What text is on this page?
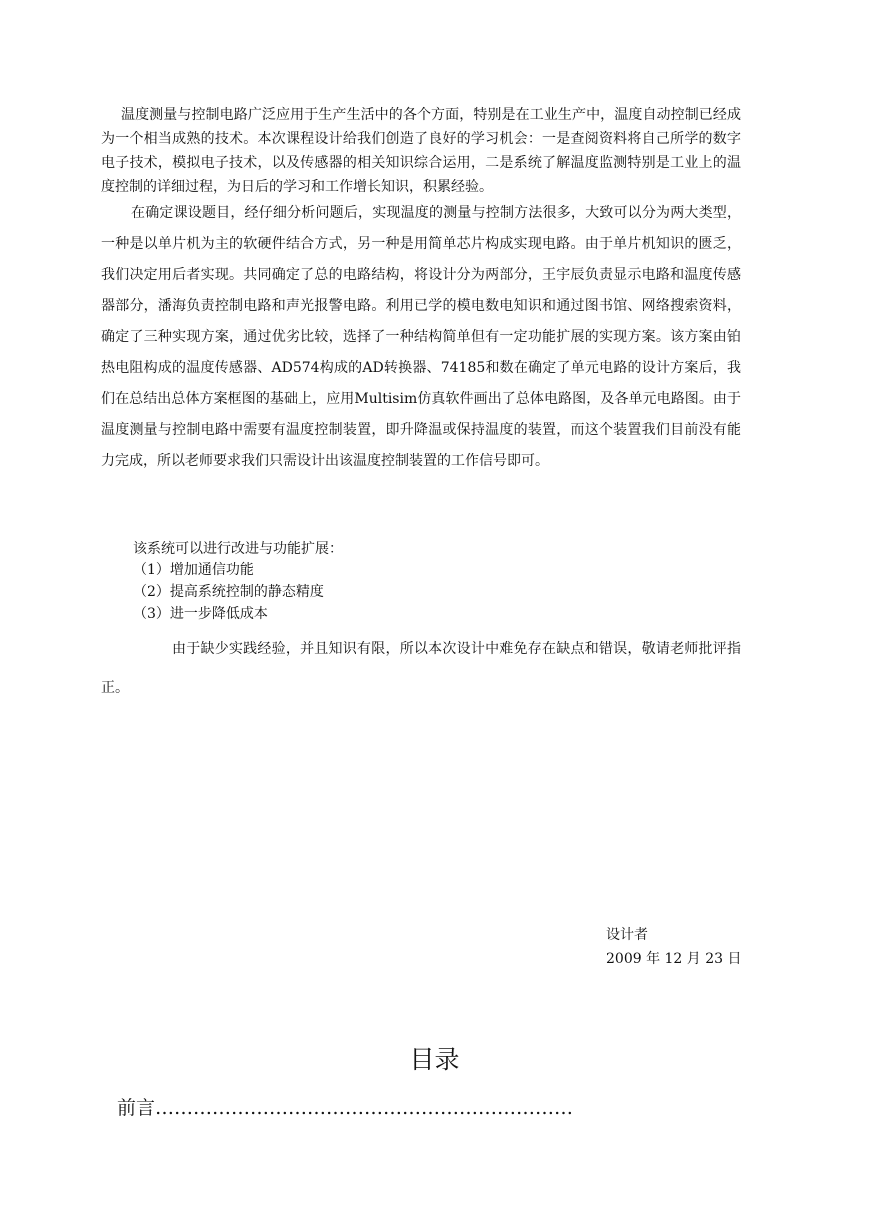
温度测量与控制电路广泛应用于生产生活中的各个方面，特别是在工业生产中，温度自动控制已经成为一个相当成熟的技术。本次课程设计给我们创造了良好的学习机会：一是查阅资料将自己所学的数字电子技术，模拟电子技术，以及传感器的相关知识综合运用，二是系统了解温度监测特别是工业上的温度控制的详细过程，为日后的学习和工作增长知识，积累经验。
在确定课设题目，经仔细分析问题后，实现温度的测量与控制方法很多，大致可以分为两大类型，一种是以单片机为主的软硬件结合方式，另一种是用简单芯片构成实现电路。由于单片机知识的匮乏，我们决定用后者实现。共同确定了总的电路结构，将设计分为两部分，王宇辰负责显示电路和温度传感器部分，潘海负责控制电路和声光报警电路。利用已学的模电数电知识和通过图书馆、网络搜索资料，确定了三种实现方案，通过优劣比较，选择了一种结构简单但有一定功能扩展的实现方案。该方案由铂热电阻构成的温度传感器、AD574构成的AD转换器、74185和数在确定了单元电路的设计方案后，我们在总结出总体方案框图的基础上，应用Multisim仿真软件画出了总体电路图，及各单元电路图。由于温度测量与控制电路中需要有温度控制装置，即升降温或保持温度的装置，而这个装置我们目前没有能力完成，所以老师要求我们只需设计出该温度控制装置的工作信号即可。
该系统可以进行改进与功能扩展：
（1）增加通信功能
（2）提高系统控制的静态精度
（3）进一步降低成本
由于缺少实践经验，并且知识有限，所以本次设计中难免存在缺点和错误，敬请老师批评指正。
设计者
2009 年 12 月 23 日
目录
前言…………………………………………………………
